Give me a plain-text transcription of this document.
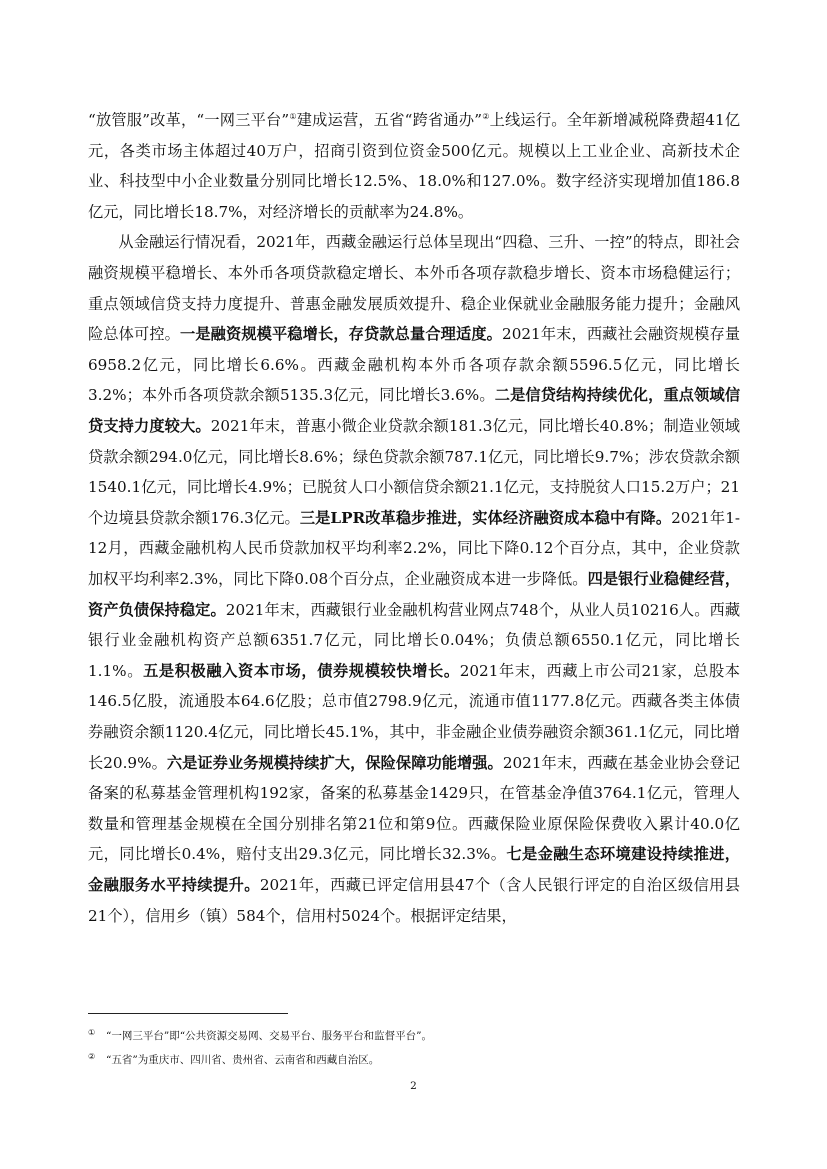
“放管服”改革，“一网三平台”①建成运营，五省“跨省通办”②上线运行。全年新增减税降费超41亿元，各类市场主体超过40万户，招商引资到位资金500亿元。规模以上工业企业、高新技术企业、科技型中小企业数量分别同比增长12.5%、18.0%和127.0%。数字经济实现增加值186.8亿元，同比增长18.7%，对经济增长的贡献率为24.8%。

从金融运行情况看，2021年，西藏金融运行总体呈现出“四稳、三升、一控”的特点，即社会融资规模平稳增长、本外币各项贷款稳定增长、本外币各项存款稳步增长、资本市场稳健运行；重点领域信贷支持力度提升、普惠金融发展质效提升、稳企业保就业金融服务能力提升；金融风险总体可控。一是融资规模平稳增长，存贷款总量合理适度。2021年末，西藏社会融资规模存量6958.2亿元，同比增长6.6%。西藏金融机构本外币各项存款余额5596.5亿元，同比增长3.2%；本外币各项贷款余额5135.3亿元，同比增长3.6%。二是信贷结构持续优化，重点领域信贷支持力度较大。2021年末，普惠小微企业贷款余额181.3亿元，同比增长40.8%；制造业领域贷款余额294.0亿元，同比增长8.6%；绿色贷款余额787.1亿元，同比增长9.7%；涉农贷款余额1540.1亿元，同比增长4.9%；已脱贫人口小额信贷余额21.1亿元，支持脱贫人口15.2万户；21个边境县贷款余额176.3亿元。三是LPR改革稳步推进，实体经济融资成本稳中有降。2021年1-12月，西藏金融机构人民币贷款加权平均利率2.2%，同比下降0.12个百分点，其中，企业贷款加权平均利率2.3%，同比下降0.08个百分点，企业融资成本进一步降低。四是银行业稳健经营，资产负债保持稳定。2021年末，西藏银行业金融机构营业网点748个，从业人员10216人。西藏银行业金融机构资产总额6351.7亿元，同比增长0.04%；负债总额6550.1亿元，同比增长1.1%。五是积极融入资本市场，债券规模较快增长。2021年末，西藏上市公司21家，总股本146.5亿股，流通股本64.6亿股；总市值2798.9亿元，流通市值1177.8亿元。西藏各类主体债券融资余额1120.4亿元，同比增长45.1%，其中，非金融企业债券融资余额361.1亿元，同比增长20.9%。六是证券业务规模持续扩大，保险保障功能增强。2021年末，西藏在基金业协会登记备案的私募基金管理机构192家，备案的私募基金1429只，在管基金净值3764.1亿元，管理人数量和管理基金规模在全国分别排名第21位和第9位。西藏保险业原保险保费收入累计40.0亿元，同比增长0.4%，赔付支出29.3亿元，同比增长32.3%。七是金融生态环境建设持续推进，金融服务水平持续提升。2021年，西藏已评定信用县47个（含人民银行评定的自治区级信用县21个），信用乡（镇）584个，信用村5024个。根据评定结果，

① “一网三平台”即“公共资源交易网、交易平台、服务平台和监督平台”。
② “五省”为重庆市、四川省、贵州省、云南省和西藏自治区。
2
